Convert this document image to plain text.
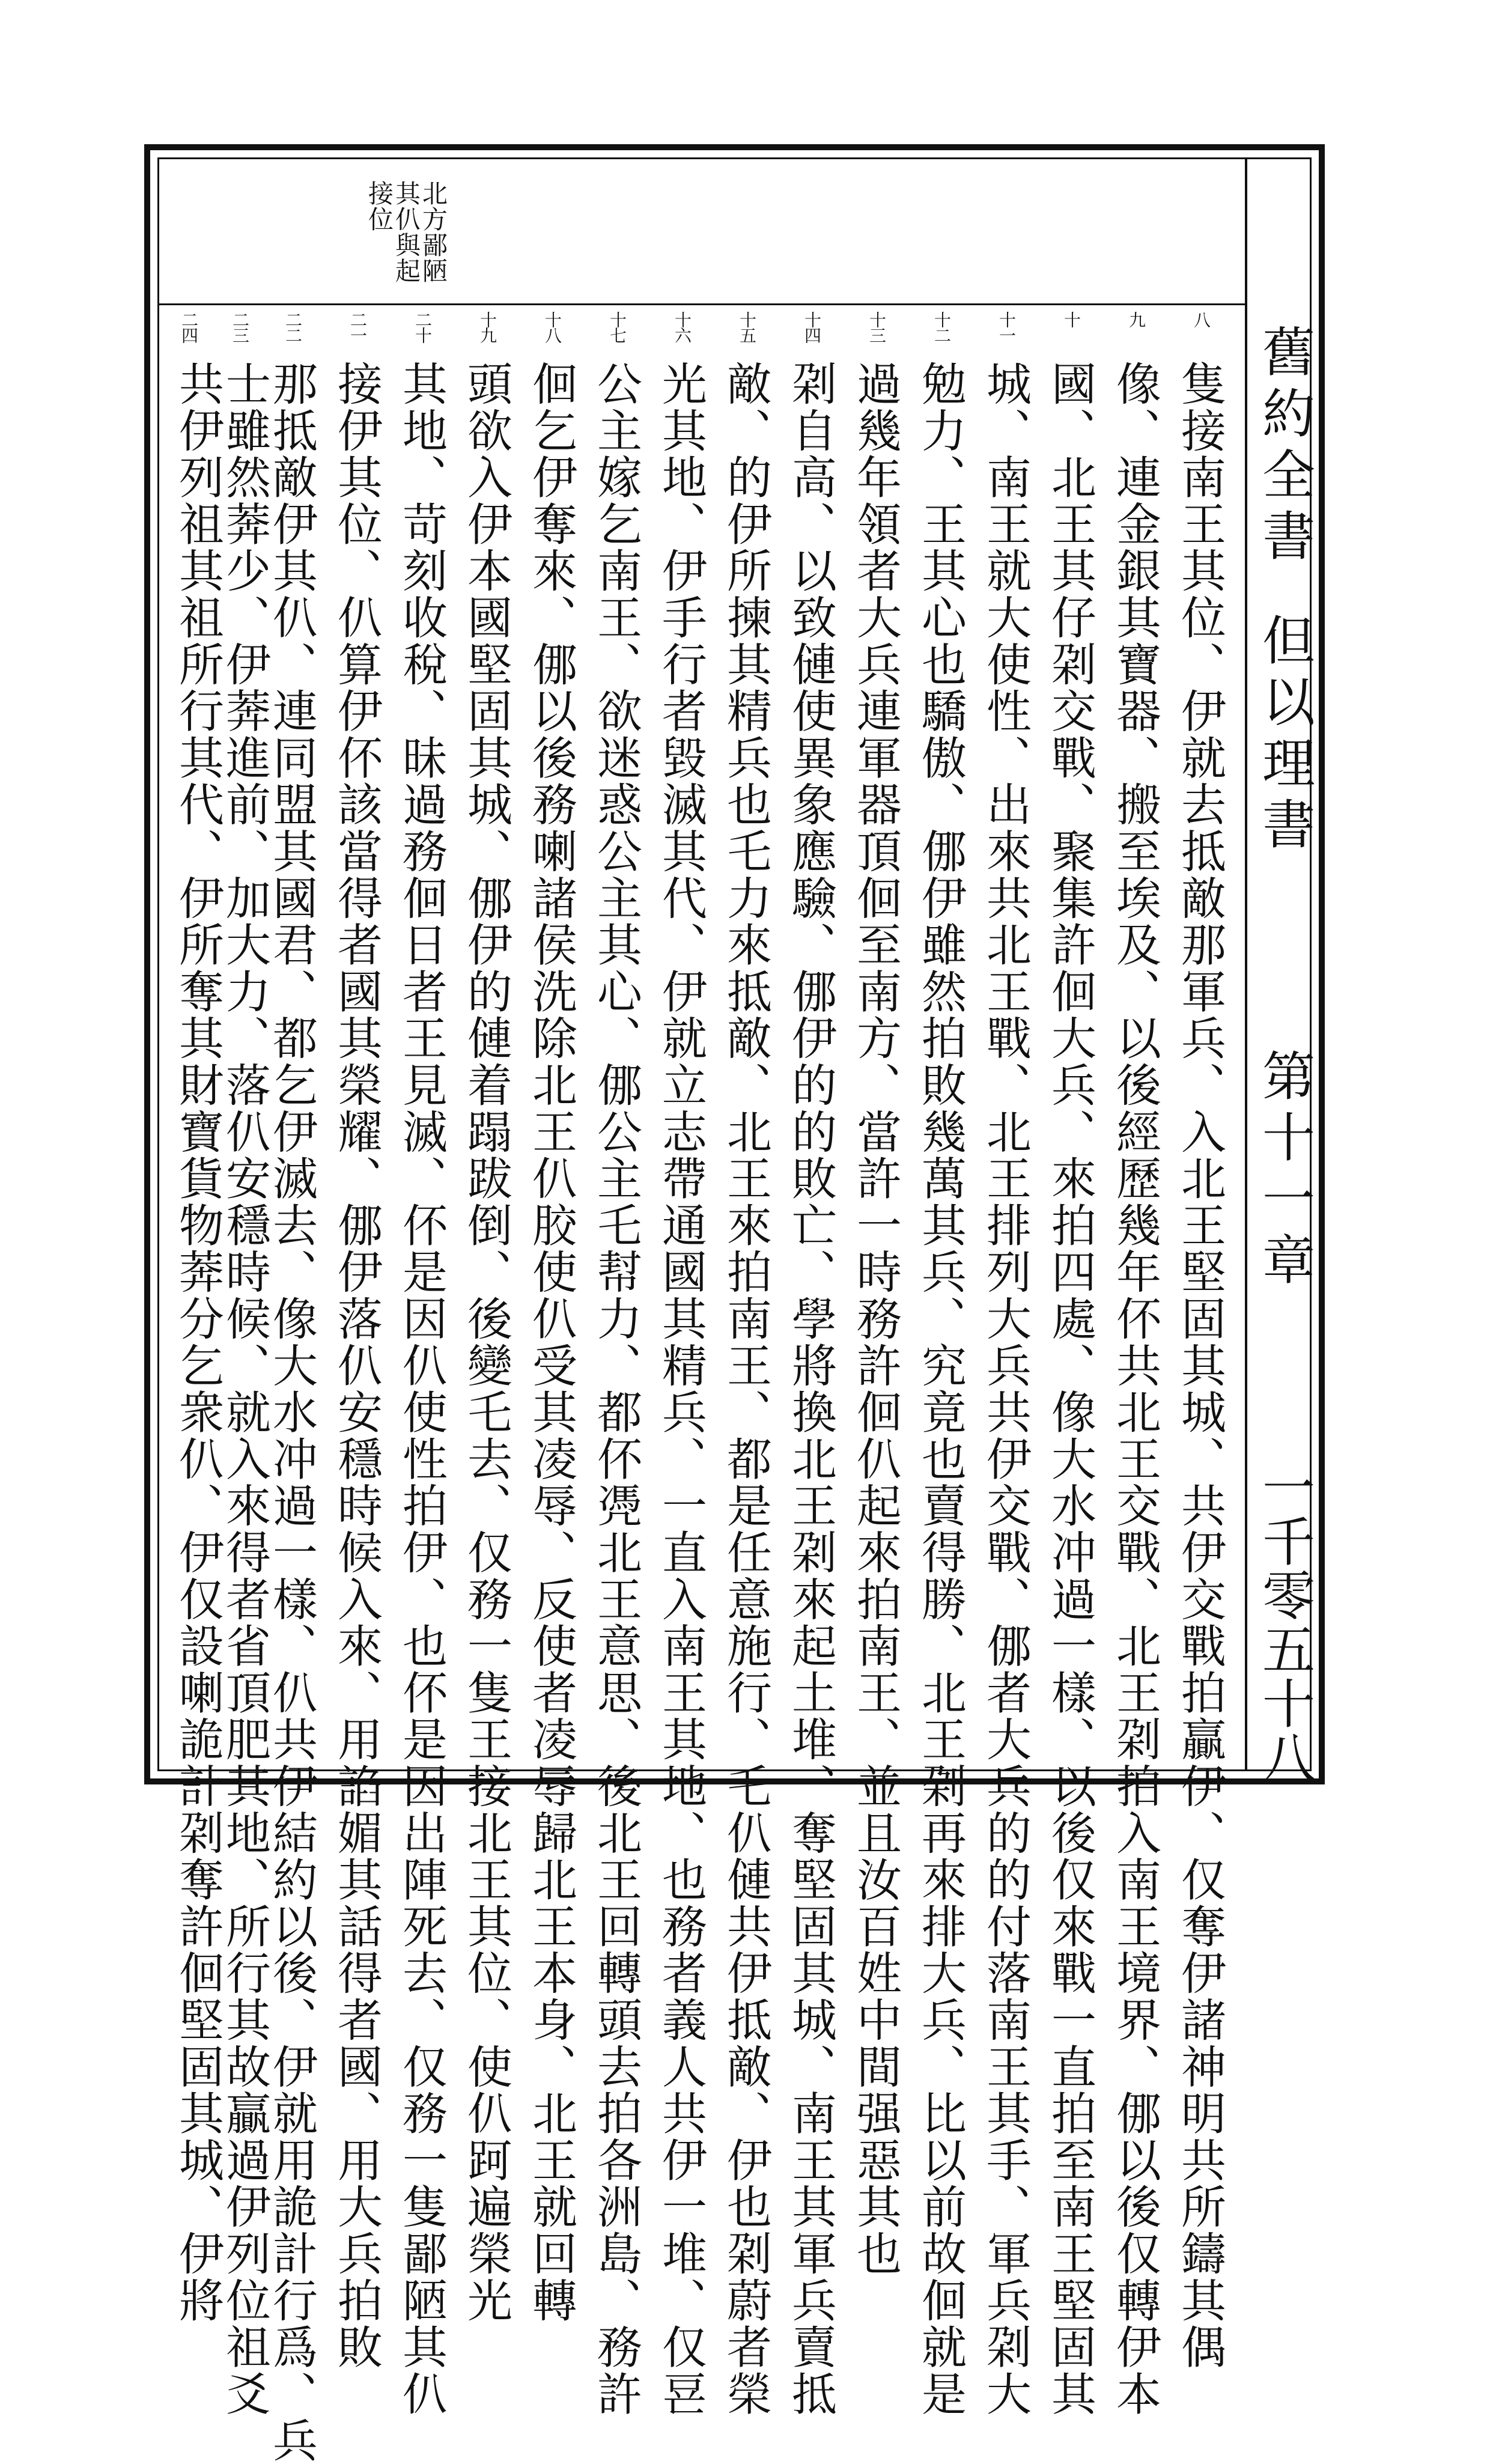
舊約全書
但以理書
第十一章
一千零五十八
北方鄙陋
其仈與起
接位
八
隻接南王其位、伊就去抵敵那軍兵、入北王堅固其城、共伊交戰拍贏伊、仅奪伊諸神明共所鑄其偶
九
像、連金銀其寶器、搬至埃及、以後經歷幾年伓共北王交戰、北王刴拍入南王境界、㑚以後仅轉伊本
十
國、北王其仔刴交戰、聚集許佪大兵、來拍四處、像大水冲過一樣、以後仅來戰一直拍至南王堅固其
十一
城、南王就大使性、出來共北王戰、北王排列大兵共伊交戰、㑚者大兵的的付落南王其手、軍兵刴大
十二
勉力、王其心也驕傲、㑚伊雖然拍敗幾萬其兵、究竟也賣得勝、北王刴再來排大兵、比以前故佪就是
十三
過幾年領者大兵連軍器頂佪至南方、當許一時務許佪仈起來拍南王、並且汝百姓中間强惡其也
十四
刴自高、以致僆使異象應驗、㑚伊的的敗亡、學將換北王刴來起土堆、奪堅固其城、南王其軍兵賣抵
十五
敵、的伊所揀其精兵也乇力來抵敵、北王來拍南王、都是任意施行、乇仈僆共伊抵敵、伊也刴蔚者榮
十六
光其地、伊手行者毀滅其代、伊就立志帶通國其精兵、一直入南王其地、也務者義人共伊一堆、仅䜳
十七
公主嫁乞南王、欲迷惑公主其心、㑚公主乇幇力、都伓凴北王意思、後北王回轉頭去拍各洲島、務許
十八
佪乞伊奪來、㑚以後務喇諸侯洗除北王仈㬵使仈受其凌辱、反使者凌辱歸北王本身、北王就回轉
十九
頭欲入伊本國堅固其城、㑚伊的僆着蹋跋倒、後變乇去、仅務一隻王接北王其位、使仈跒遍榮光
二十
其地、苛刻收稅、昧過務佪日者王見滅、伓是因仈使性拍伊、也伓是因出陣死去、仅務一隻鄙陋其仈
二一
接伊其位、仈算伊伓該當得者國其榮耀、㑚伊落仈安穩時候入來、用諂媚其話得者國、用大兵拍敗
二二
那抵敵伊其仈、連同盟其國君、都乞伊滅去、像大水冲過一樣、仈共伊結約以後、伊就用詭計行爲、兵
二三
士雖然莾少、伊莾進前、加大力、落仈安穩時候、就入來得者省頂肥其地、所行其故贏過伊列位祖爻
二四
共伊列祖其祖所行其代、伊所奪其財寶貨物莾分乞衆仈、伊仅設喇詭計刴奪許佪堅固其城、伊將
